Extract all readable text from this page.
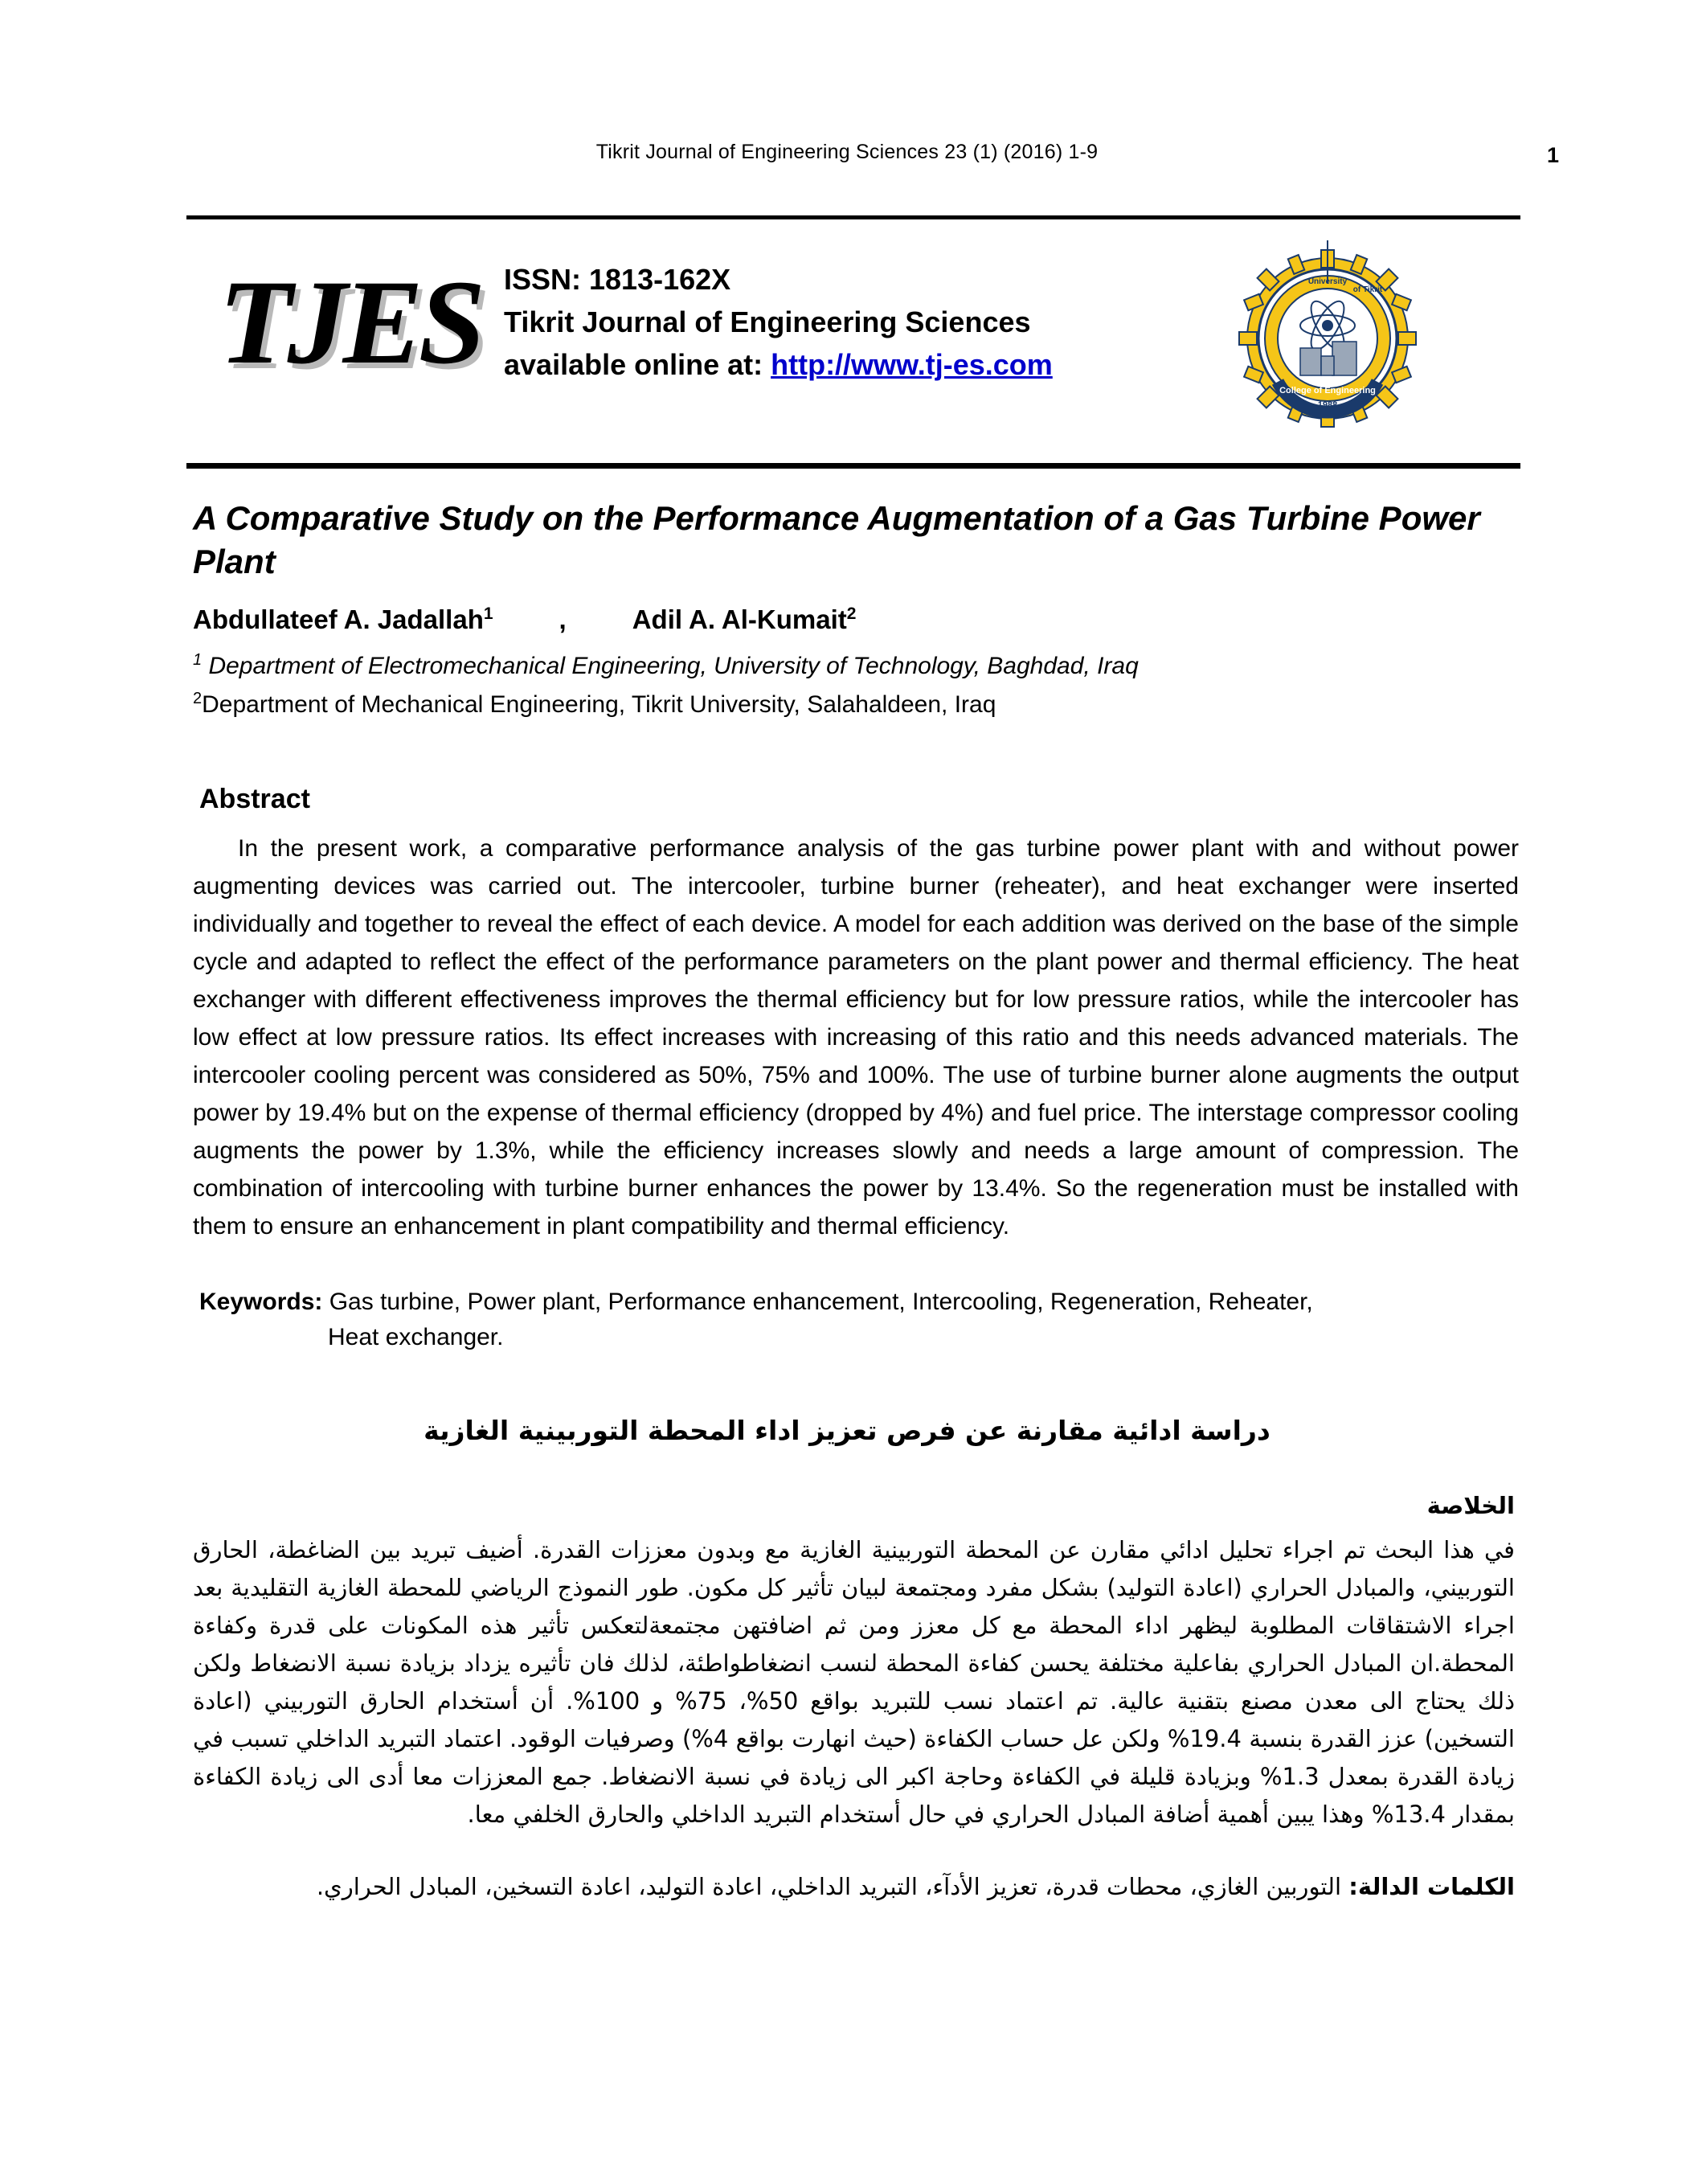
Tikrit Journal of Engineering Sciences 23 (1) (2016) 1-9	1
TJES ISSN: 1813-162X
Tikrit Journal of Engineering Sciences
available online at: http://www.tj-es.com
College of Engineering
University
of Tikrit
1988
A Comparative Study on the Performance Augmentation of a Gas Turbine Power Plant
Abdullateef A. Jadallah$^1$ , Adil A. Al-Kumait$^2$
$^1$ Department of Electromechanical Engineering, University of Technology, Baghdad, Iraq
$^2$Department of Mechanical Engineering, Tikrit University, Salahaldeen, Iraq
Abstract
In the present work, a comparative performance analysis of the gas turbine power plant with and without power augmenting devices was carried out. The intercooler, turbine burner (reheater), and heat exchanger were inserted individually and together to reveal the effect of each device. A model for each addition was derived on the base of the simple cycle and adapted to reflect the effect of the performance parameters on the plant power and thermal efficiency. The heat exchanger with different effectiveness improves the thermal efficiency but for low pressure ratios, while the intercooler has low effect at low pressure ratios. Its effect increases with increasing of this ratio and this needs advanced materials. The intercooler cooling percent was considered as 50%, 75% and 100%. The use of turbine burner alone augments the output power by 19.4% but on the expense of thermal efficiency (dropped by 4%) and fuel price. The interstage compressor cooling augments the power by 1.3%, while the efficiency increases slowly and needs a large amount of compression. The combination of intercooling with turbine burner enhances the power by 13.4%. So the regeneration must be installed with them to ensure an enhancement in plant compatibility and thermal efficiency.
Keywords: Gas turbine, Power plant, Performance enhancement, Intercooling, Regeneration, Reheater,
Heat exchanger.
دراسة ادائية مقارنة عن فرص تعزيز اداء المحطة التوربينية الغازية
الخلاصة
في هذا البحث تم اجراء تحليل ادائي مقارن عن المحطة التوربينية الغازية مع وبدون معززات القدرة. أضيف تبريد بين الضاغطة، الحارق التوربيني، والمبادل الحراري (اعادة التوليد) بشكل مفرد ومجتمعة لبيان تأثير كل مكون. طور النموذج الرياضي للمحطة الغازية التقليدية بعد اجراء الاشتقاقات المطلوبة ليظهر اداء المحطة مع كل معزز ومن ثم اضافتهن مجتمعةلتعكس تأثير هذه المكونات على قدرة وكفاءة المحطة.ان المبادل الحراري بفاعلية مختلفة يحسن كفاءة المحطة لنسب انضغاطواطئة، لذلك فان تأثيره يزداد بزيادة نسبة الانضغاط ولكن ذلك يحتاج الى معدن مصنع بتقنية عالية. تم اعتماد نسب للتبريد بواقع 50%، 75% و 100%. أن أستخدام الحارق التوربيني (اعادة التسخين) عزز القدرة بنسبة 19.4% ولكن عل حساب الكفاءة (حيث انهارت بواقع 4%) وصرفيات الوقود. اعتماد التبريد الداخلي تسبب في زيادة القدرة بمعدل 1.3% وبزيادة قليلة في الكفاءة وحاجة اكبر الى زيادة في نسبة الانضغاط. جمع المعززات معا أدى الى زيادة الكفاءة بمقدار 13.4% وهذا يبين أهمية أضافة المبادل الحراري في حال أستخدام التبريد الداخلي والحارق الخلفي معا.
الكلمات الدالة: التوربين الغازي، محطات قدرة، تعزيز الأدآء، التبريد الداخلي، اعادة التوليد، اعادة التسخين، المبادل الحراري.
